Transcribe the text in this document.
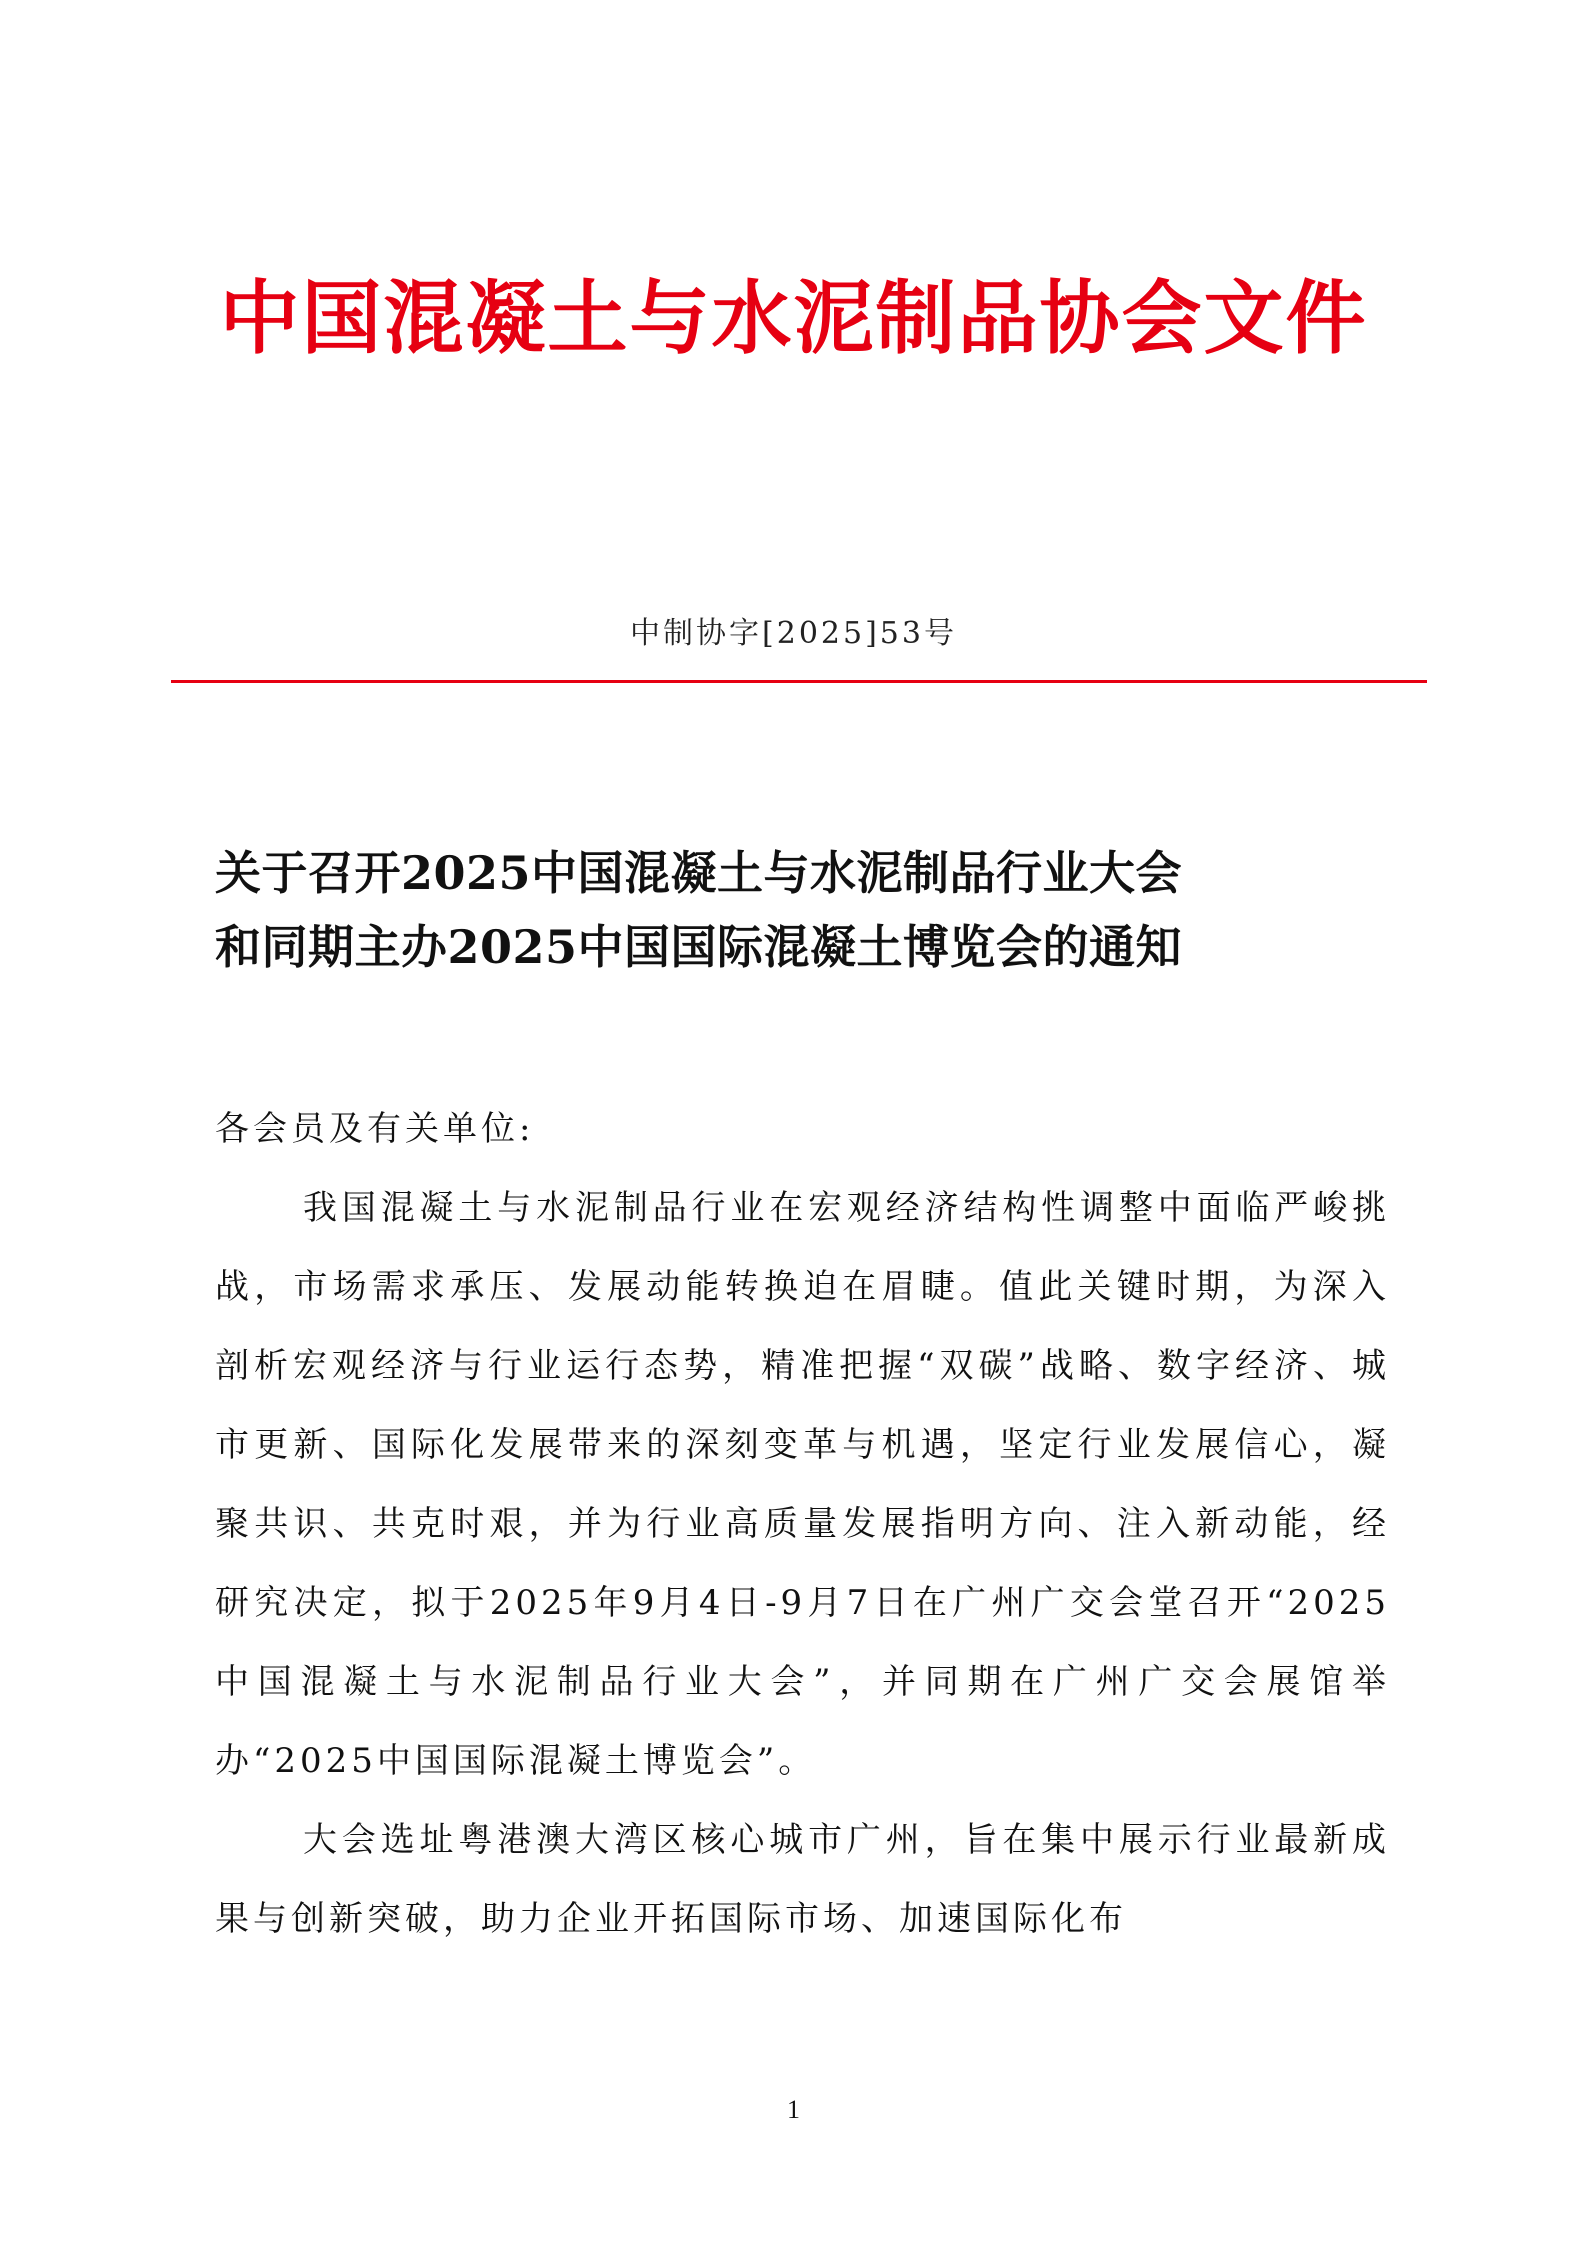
中国混凝土与水泥制品协会文件
中制协字[2025]53号
关于召开2025中国混凝土与水泥制品行业大会
和同期主办2025中国国际混凝土博览会的通知

各会员及有关单位:

我国混凝土与水泥制品行业在宏观经济结构性调整中面临严峻挑战，市场需求承压、发展动能转换迫在眉睫。值此关键时期，为深入剖析宏观经济与行业运行态势，精准把握“双碳”战略、数字经济、城市更新、国际化发展带来的深刻变革与机遇，坚定行业发展信心，凝聚共识、共克时艰，并为行业高质量发展指明方向、注入新动能，经研究决定，拟于2025年9月4日-9月7日在广州广交会堂召开“2025中国混凝土与水泥制品行业大会”，并同期在广州广交会展馆举办“2025中国国际混凝土博览会”。

大会选址粤港澳大湾区核心城市广州，旨在集中展示行业最新成果与创新突破，助力企业开拓国际市场、加速国际化布

1
